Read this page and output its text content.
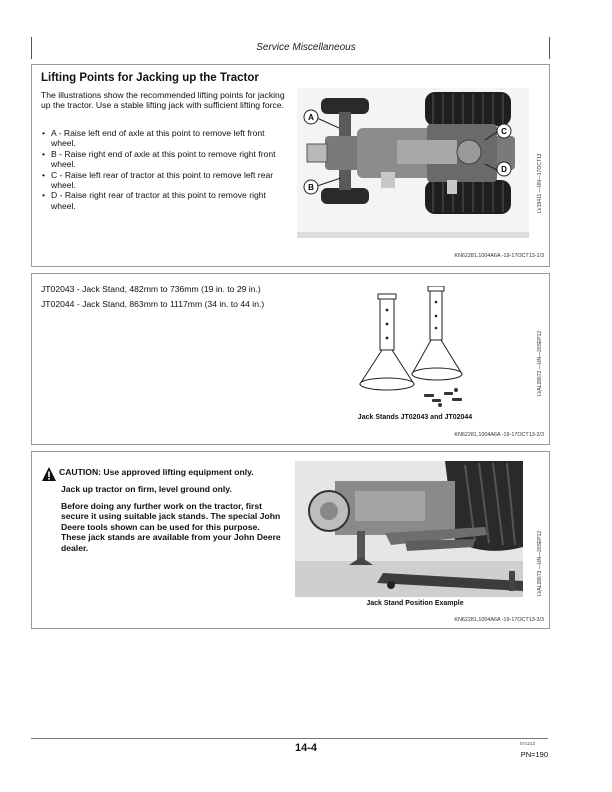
Service Miscellaneous
Lifting Points for Jacking up the Tractor
The illustrations show the recommended lifting points for jacking up the tractor. Use a stable lifting jack with sufficient lifting force.
• A - Raise left end of axle at this point to remove left front wheel.
• B - Raise right end of axle at this point to remove right front wheel.
• C - Raise left rear of tractor at this point to remove left rear wheel.
• D - Raise right rear of tractor at this point to remove right wheel.
A
B
C
D	LV19411 —UN—17OCT13
KN62281,1004A6A -19-17OCT13-1/3
JT02043 - Jack Stand, 482mm to 736mm (19 in. to 29 in.)
JT02044 - Jack Stand, 863mm to 1117mm (34 in. to 44 in.)
Jack Stands JT02043 and JT02044
LVAL28672 —UN—20SEP12
KN62281,1004A6A -19-17OCT13-2/3
CAUTION: Use approved lifting equipment only.

Jack up tractor on firm, level ground only.

Before doing any further work on the tractor, first secure it using suitable jack stands. The special John Deere tools shown can be used for this purpose. These jack stands are available from your John Deere dealer.

Jack Stand Position Example
LVAL28673 —UN—20SEP12
KN62281,1004A6A -19-17OCT13-3/3
14-4	071213
PN=190
